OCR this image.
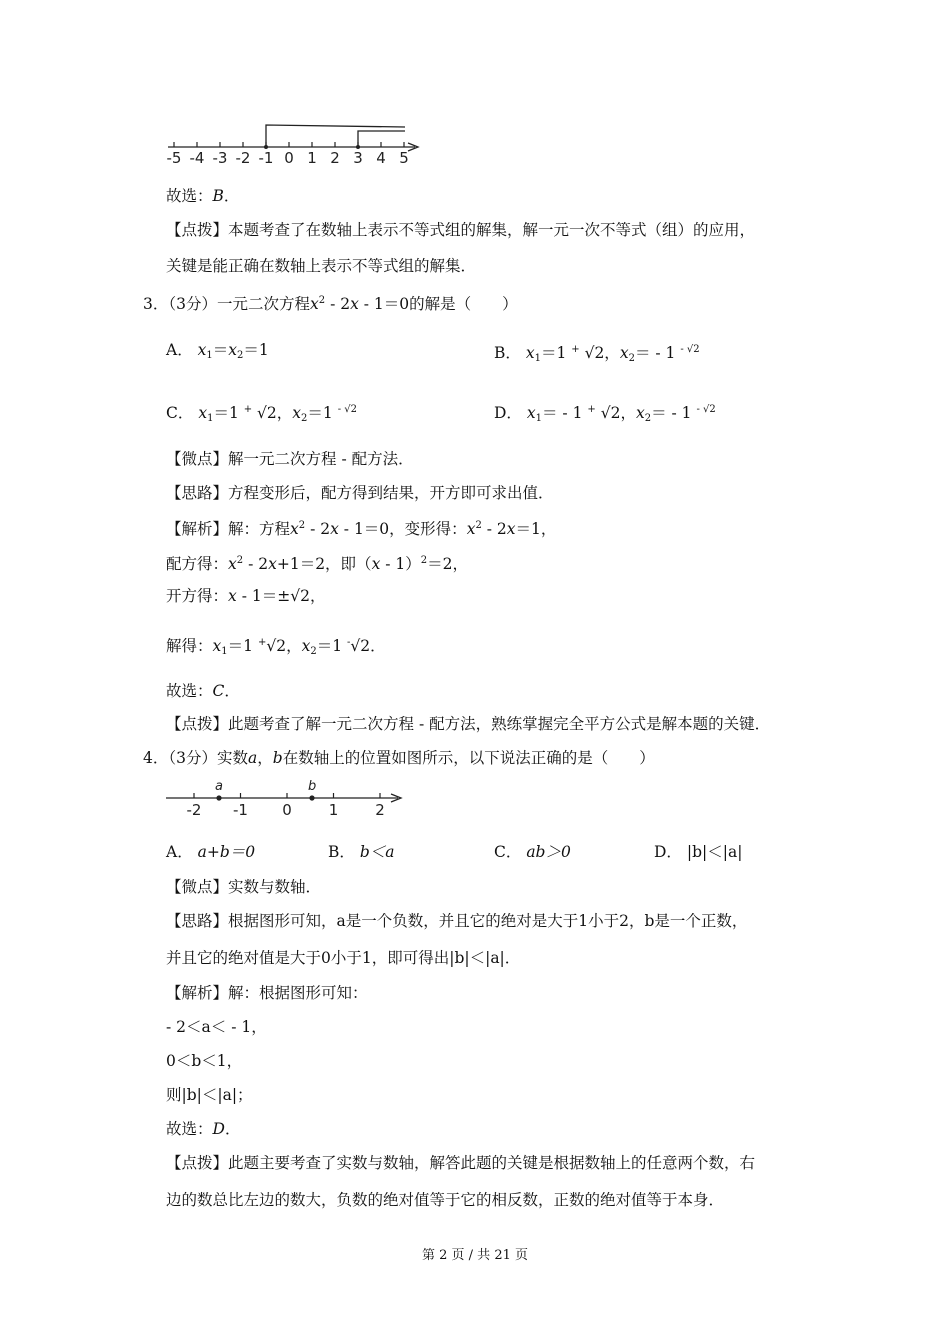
-5 -4 -3 -2 -1 0 1 2 3 4 5
故选：B．
【点拨】本题考查了在数轴上表示不等式组的解集，解一元一次不等式（组）的应用，
关键是能正确在数轴上表示不等式组的解集．
3．（3分）一元二次方程$x^2 - 2x - 1=0$的解是（　　）
A． $x_1=x_2=1$	B． $x_1=1$ + √2，$x_2= - 1$ $^{- √2}$
C． $x_1=1$ + √2，$x_2=1$ $^{- √2}$	D． $x_1= - 1$ + √2，$x_2= - 1$ $^{- √2}$
【微点】解一元二次方程 - 配方法．
【思路】方程变形后，配方得到结果，开方即可求出值．
【解析】解：方程$x^2 - 2x - 1=0$，变形得：$x^2 - 2x=1$，
配方得：$x^2 - 2x+1=2$，即（x - 1）$^2$＝2，
开方得：x - 1＝±√2，
解得：$x_1=1$ +√2，$x_2=1$ -√2．
故选：C．
【点拨】此题考查了解一元二次方程 - 配方法，熟练掌握完全平方公式是解本题的关键．
4．（3分）实数a，b在数轴上的位置如图所示，以下说法正确的是（　　）
-2 -1 0 1 2
a	b
A． a+b＝0	B． b＜a	C． ab＞0	D． |b|＜|a|
【微点】实数与数轴．
【思路】根据图形可知，a是一个负数，并且它的绝对是大于1小于2，b是一个正数，
并且它的绝对值是大于0小于1，即可得出|b|＜|a|．
【解析】解：根据图形可知：
- 2＜a＜ - 1，
0＜b＜1，
则|b|＜|a|；
故选：D．
【点拨】此题主要考查了实数与数轴，解答此题的关键是根据数轴上的任意两个数，右
边的数总比左边的数大，负数的绝对值等于它的相反数，正数的绝对值等于本身．
第 2 页 / 共 21 页
